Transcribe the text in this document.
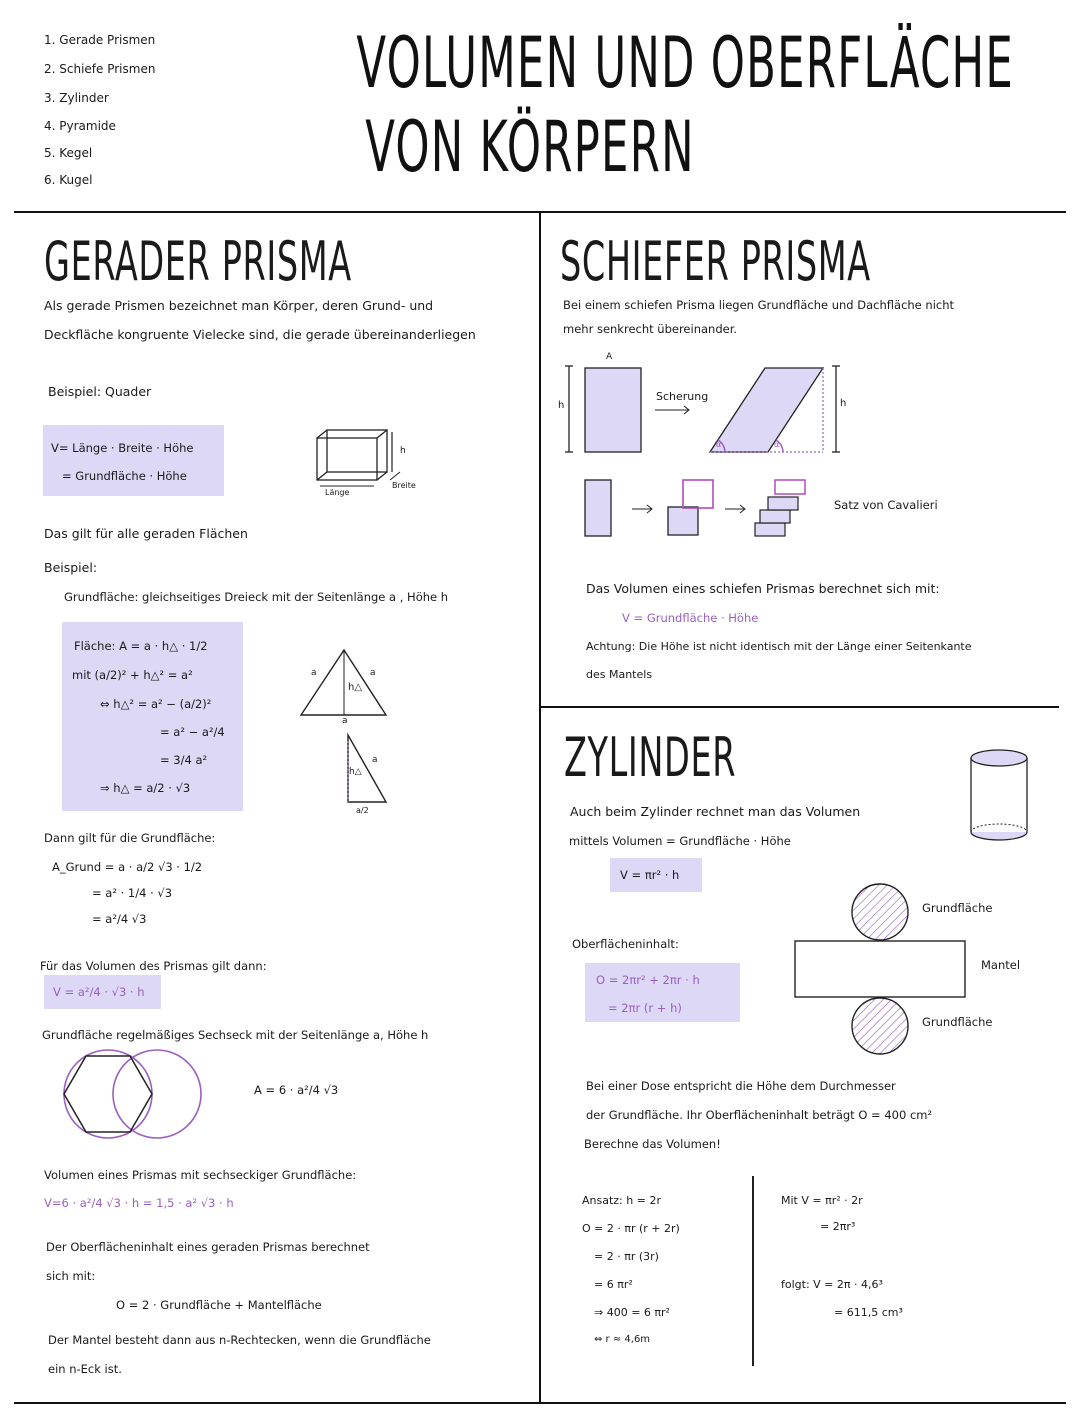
1. Gerade Prismen
2. Schiefe Prismen
3. Zylinder
4. Pyramide
5. Kegel
6. Kugel
VOLUMEN UND OBERFLÄCHE
VON KÖRPERN
GERADER PRISMA
Als gerade Prismen bezeichnet man Körper, deren Grund- und
Deckfläche kongruente Vielecke sind, die gerade übereinanderliegen
Beispiel: Quader
V= Länge · Breite · Höhe
= Grundfläche · Höhe
h
Länge
Breite
Das gilt für alle geraden Flächen
Beispiel:
Grundfläche: gleichseitiges Dreieck mit der Seitenlänge a , Höhe h
Fläche: A = a · h△ · 1/2
mit (a/2)² + h△² = a²
⇔ h△² = a² − (a/2)²
= a² − a²/4
= 3/4 a²
⇒ h△ = a/2 · √3
a	a
h△
a
a
h△
a/2
Dann gilt für die Grundfläche:
A_Grund = a · a/2 √3 · 1/2
= a² · 1/4 · √3
= a²/4 √3
Für das Volumen des Prismas gilt dann:
V = a²/4 · √3 · h
Grundfläche regelmäßiges Sechseck mit der Seitenlänge a, Höhe h
A = 6 · a²/4 √3
Volumen eines Prismas mit sechseckiger Grundfläche:
V=6 · a²/4 √3 · h = 1,5 · a² √3 · h
Der Oberflächeninhalt eines geraden Prismas berechnet
sich mit:
O = 2 · Grundfläche + Mantelfläche
Der Mantel besteht dann aus n-Rechtecken, wenn die Grundfläche
ein n-Eck ist.
SCHIEFER PRISMA
Bei einem schiefen Prisma liegen Grundfläche und Dachfläche nicht
mehr senkrecht übereinander.
A
h	h
Scherung
α	α
Satz von Cavalieri
Das Volumen eines schiefen Prismas berechnet sich mit:
V = Grundfläche · Höhe
Achtung: Die Höhe ist nicht identisch mit der Länge einer Seitenkante
des Mantels
ZYLINDER
Auch beim Zylinder rechnet man das Volumen
mittels Volumen = Grundfläche · Höhe
V = πr² · h
Oberflächeninhalt:
O = 2πr² + 2πr · h
= 2πr (r + h)
Grundfläche
Mantel
Grundfläche
Bei einer Dose entspricht die Höhe dem Durchmesser
der Grundfläche. Ihr Oberflächeninhalt beträgt O = 400 cm²
Berechne das Volumen!
Ansatz: h = 2r
O = 2 · πr (r + 2r)
= 2 · πr (3r)
= 6 πr²
⇒ 400 = 6 πr²
⇔ r ≈ 4,6m
Mit V = πr² · 2r
= 2πr³
folgt: V = 2π · 4,6³
= 611,5 cm³
